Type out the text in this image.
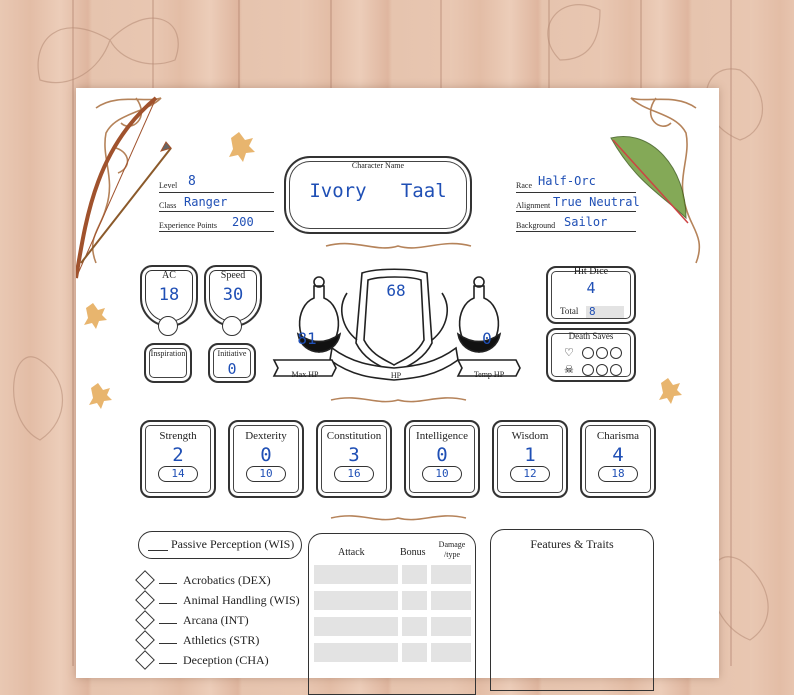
Character Name
Ivory   Taal
Level 8
Class Ranger
Experience Points 200
Race Half-Orc
Alignment True Neutral
Background Sailor
AC
18
Speed
30
Inspiration	Initiative
0
68
HP
81
Max HP
0
Temp HP
Hit Dice
4
Total 8
Death Saves
♡
☠
Strength
2
14
Dexterity
0
10
Constitution
3
16
Intelligence
0
10
Wisdom
1
12
Charisma
4
18
Passive Perception (WIS)
Acrobatics (DEX)
Animal Handling (WIS)
Arcana (INT)
Athletics (STR)
Deception (CHA)
Attack	Bonus
Damage /type
Features & Traits
